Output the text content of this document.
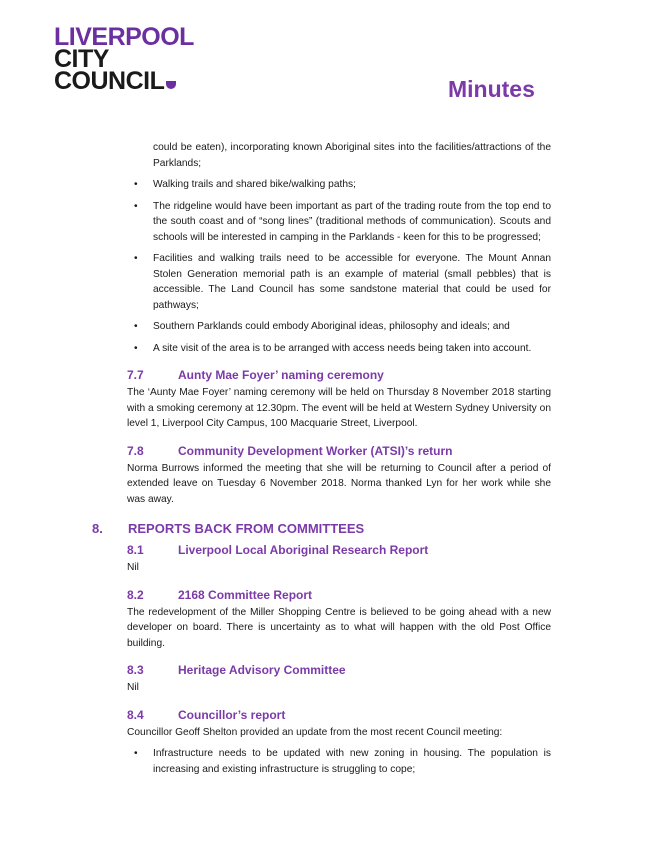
LIVERPOOL
CITY
COUNCIL	Minutes
could be eaten), incorporating known Aboriginal sites into the facilities/attractions of the Parklands;
• Walking trails and shared bike/walking paths;
• The ridgeline would have been important as part of the trading route from the top end to the south coast and of “song lines” (traditional methods of communication). Scouts and schools will be interested in camping in the Parklands - keen for this to be progressed;
• Facilities and walking trails need to be accessible for everyone. The Mount Annan Stolen Generation memorial path is an example of material (small pebbles) that is accessible. The Land Council has some sandstone material that could be used for pathways;
• Southern Parklands could embody Aboriginal ideas, philosophy and ideals; and
• A site visit of the area is to be arranged with access needs being taken into account.
7.7	Aunty Mae Foyer’ naming ceremony
The ‘Aunty Mae Foyer’ naming ceremony will be held on Thursday 8 November 2018 starting with a smoking ceremony at 12.30pm. The event will be held at Western Sydney University on level 1, Liverpool City Campus, 100 Macquarie Street, Liverpool.
7.8	Community Development Worker (ATSI)’s return
Norma Burrows informed the meeting that she will be returning to Council after a period of extended leave on Tuesday 6 November 2018. Norma thanked Lyn for her work while she was away.
8. REPORTS BACK FROM COMMITTEES
8.1	Liverpool Local Aboriginal Research Report
Nil
8.2	2168 Committee Report
The redevelopment of the Miller Shopping Centre is believed to be going ahead with a new developer on board. There is uncertainty as to what will happen with the old Post Office building.
8.3	Heritage Advisory Committee
Nil
8.4	Councillor’s report
Councillor Geoff Shelton provided an update from the most recent Council meeting:
• Infrastructure needs to be updated with new zoning in housing. The population is increasing and existing infrastructure is struggling to cope;
